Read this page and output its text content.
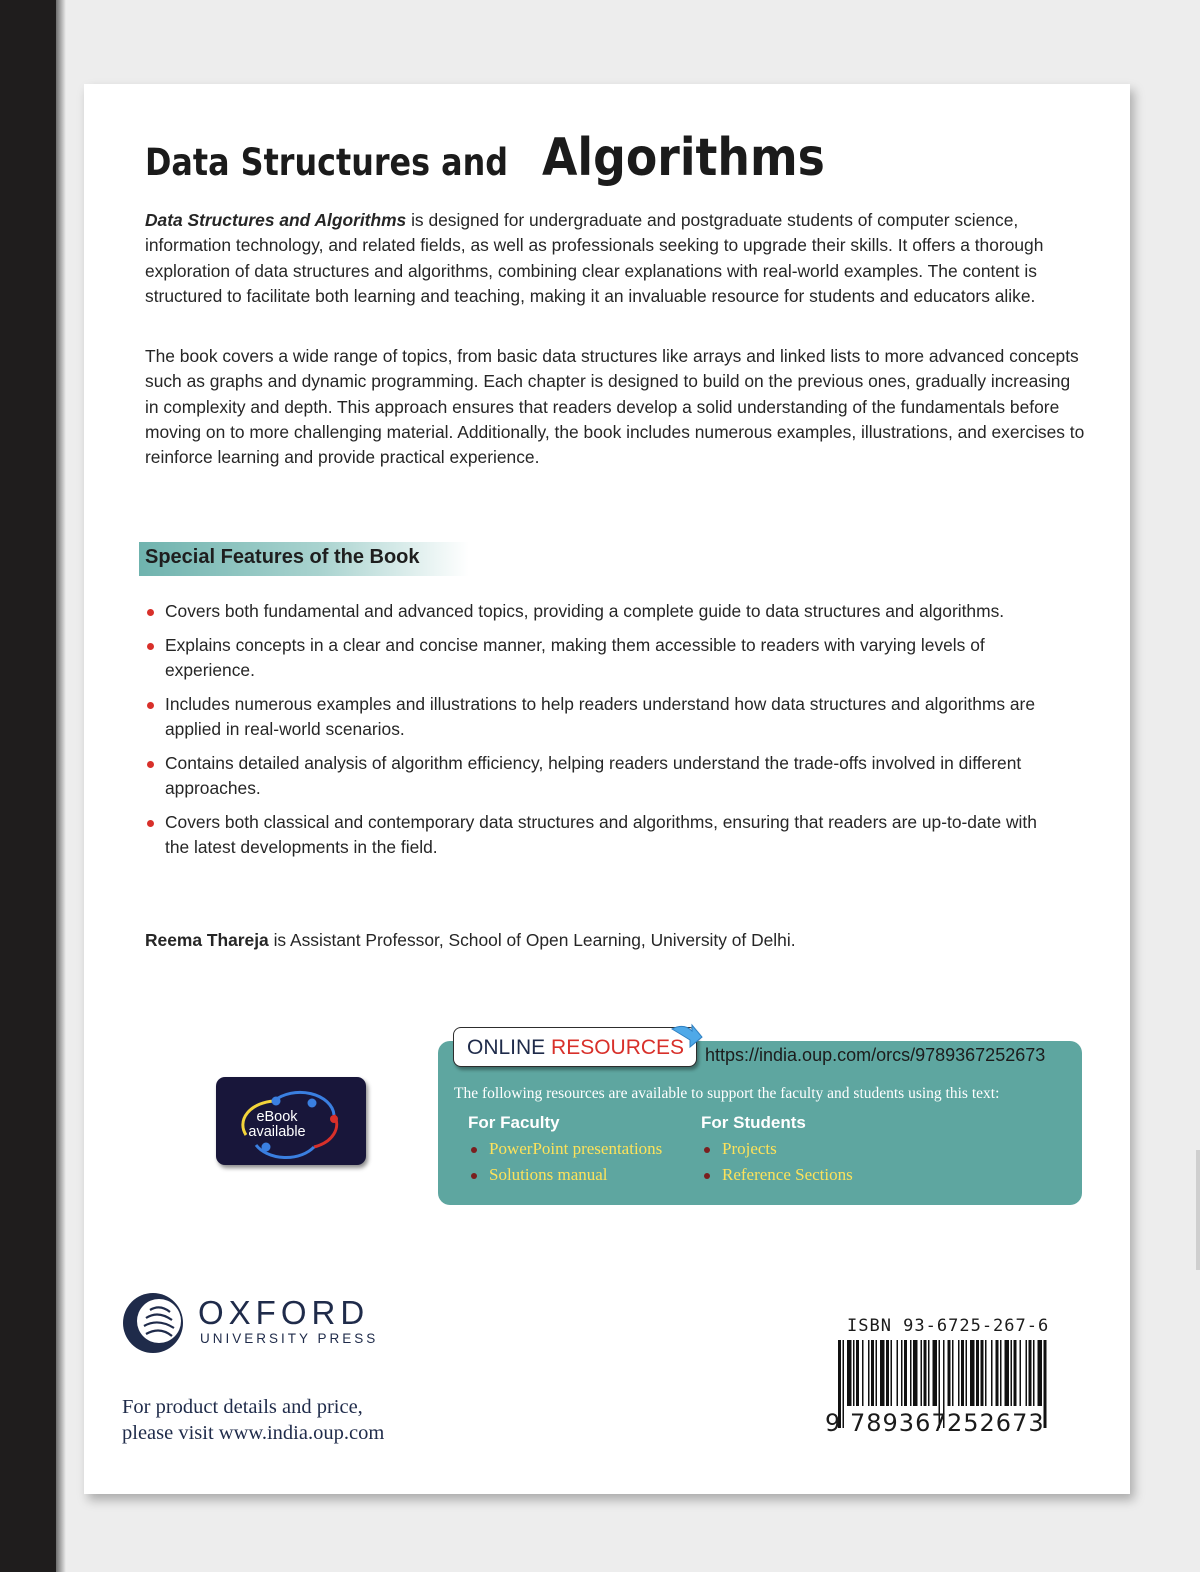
Data Structures and Algorithms

Data Structures and Algorithms is designed for undergraduate and postgraduate students of computer science, information technology, and related fields, as well as professionals seeking to upgrade their skills. It offers a thorough exploration of data structures and algorithms, combining clear explanations with real-world examples. The content is structured to facilitate both learning and teaching, making it an invaluable resource for students and educators alike.

The book covers a wide range of topics, from basic data structures like arrays and linked lists to more advanced concepts such as graphs and dynamic programming. Each chapter is designed to build on the previous ones, gradually increasing in complexity and depth. This approach ensures that readers develop a solid understanding of the fundamentals before moving on to more challenging material. Additionally, the book includes numerous examples, illustrations, and exercises to reinforce learning and provide practical experience.

Special Features of the Book
Covers both fundamental and advanced topics, providing a complete guide to data structures and algorithms.
Explains concepts in a clear and concise manner, making them accessible to readers with varying levels of experience.
Includes numerous examples and illustrations to help readers understand how data structures and algorithms are applied in real-world scenarios.
Contains detailed analysis of algorithm efficiency, helping readers understand the trade-offs involved in different approaches.
Covers both classical and contemporary data structures and algorithms, ensuring that readers are up-to-date with the latest developments in the field.

Reema Thareja is Assistant Professor, School of Open Learning, University of Delhi.

eBook
available
ONLINE RESOURCES https://india.oup.com/orcs/9789367252673
The following resources are available to support the faculty and students using this text:
For Faculty
PowerPoint presentations
Solutions manual
For Students
Projects
Reference Sections
OXFORD
UNIVERSITY PRESS
For product details and price,
please visit www.india.oup.com
ISBN 93-6725-267-6
9 789367 252673
